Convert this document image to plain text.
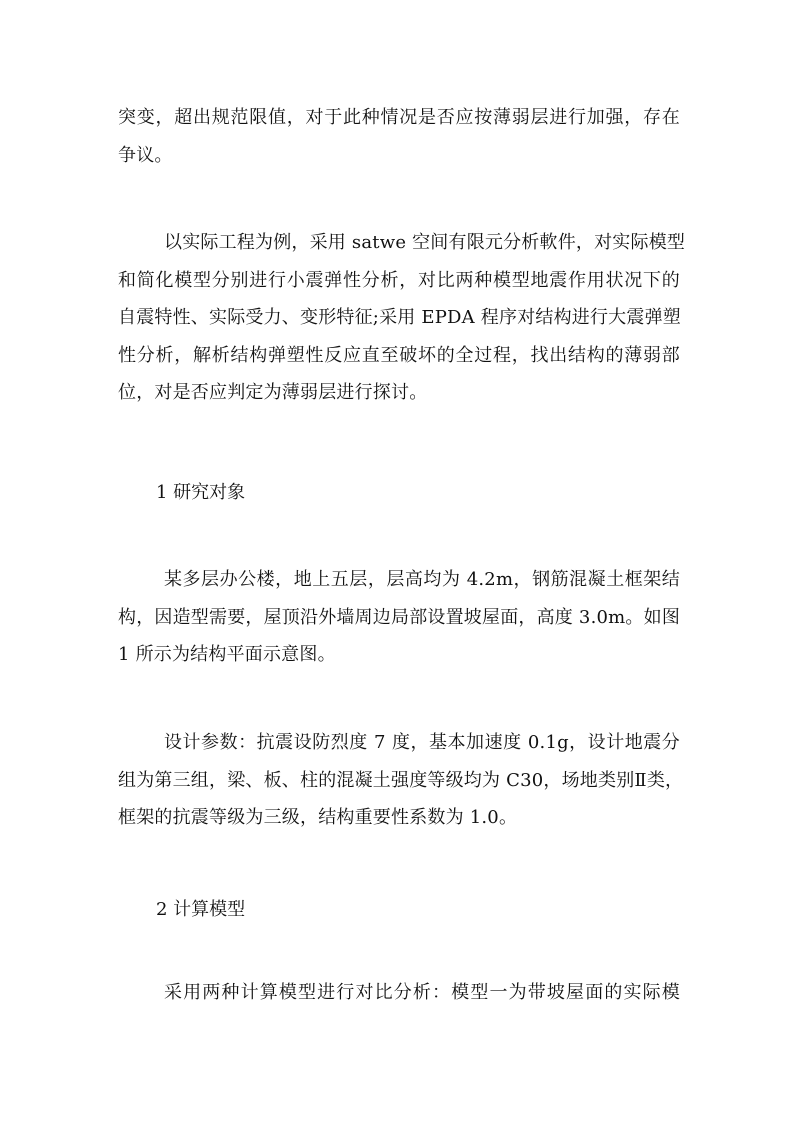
突变，超出规范限值，对于此种情况是否应按薄弱层进行加强，存在
争议。

以实际工程为例，采用 satwe 空间有限元分析軟件，对实际模型
和简化模型分别进行小震弹性分析，对比两种模型地震作用状况下的
自震特性、实际受力、变形特征;采用 EPDA 程序对结构进行大震弹塑
性分析，解析结构弹塑性反应直至破坏的全过程，找出结构的薄弱部
位，对是否应判定为薄弱层进行探讨。

1 研究对象

某多层办公楼，地上五层，层高均为 4.2m，钢筋混凝土框架结
构，因造型需要，屋顶沿外墙周边局部设置坡屋面，高度 3.0m。如图
1 所示为结构平面示意图。

设计参数：抗震设防烈度 7 度，基本加速度 0.1g，设计地震分
组为第三组，梁、板、柱的混凝土强度等级均为 C30，场地类别Ⅱ类，
框架的抗震等级为三级，结构重要性系数为 1.0。

2 计算模型

采用两种计算模型进行对比分析：模型一为带坡屋面的实际模
